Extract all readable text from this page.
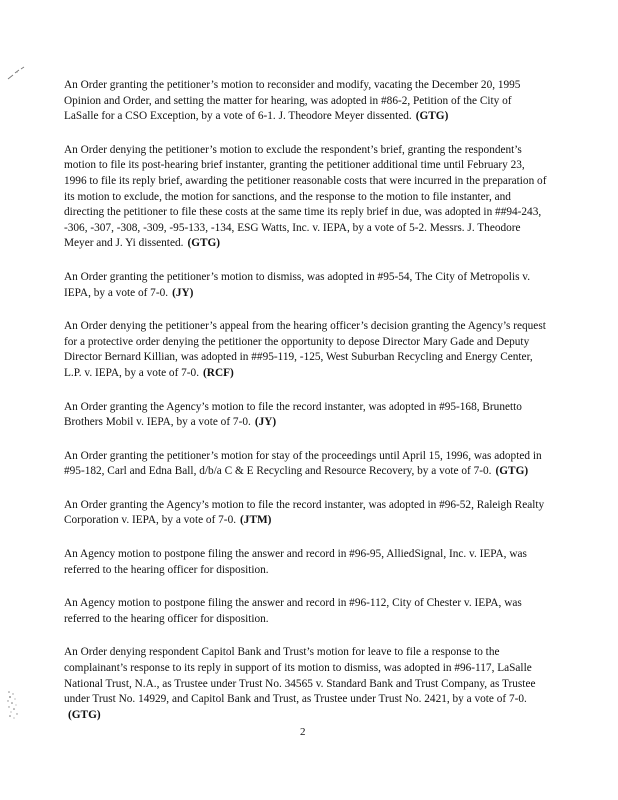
An Order granting the petitioner’s motion to reconsider and modify, vacating the December 20, 1995 Opinion and Order, and setting the matter for hearing, was adopted in #86-2, Petition of the City of LaSalle for a CSO Exception, by a vote of 6-1. J. Theodore Meyer dissented. (GTG)

An Order denying the petitioner’s motion to exclude the respondent’s brief, granting the respondent’s motion to file its post-hearing brief instanter, granting the petitioner additional time until February 23, 1996 to file its reply brief, awarding the petitioner reasonable costs that were incurred in the preparation of its motion to exclude, the motion for sanctions, and the response to the motion to file instanter, and directing the petitioner to file these costs at the same time its reply brief in due, was adopted in ##94-243, -306, -307, -308, -309, -95-133, -134, ESG Watts, Inc. v. IEPA, by a vote of 5-2. Messrs. J. Theodore Meyer and J. Yi dissented. (GTG)

An Order granting the petitioner’s motion to dismiss, was adopted in #95-54, The City of Metropolis v. IEPA, by a vote of 7-0. (JY)

An Order denying the petitioner’s appeal from the hearing officer’s decision granting the Agency’s request for a protective order denying the petitioner the opportunity to depose Director Mary Gade and Deputy Director Bernard Killian, was adopted in ##95-119, -125, West Suburban Recycling and Energy Center, L.P. v. IEPA, by a vote of 7-0. (RCF)

An Order granting the Agency’s motion to file the record instanter, was adopted in #95-168, Brunetto Brothers Mobil v. IEPA, by a vote of 7-0. (JY)

An Order granting the petitioner’s motion for stay of the proceedings until April 15, 1996, was adopted in #95-182, Carl and Edna Ball, d/b/a C & E Recycling and Resource Recovery, by a vote of 7-0. (GTG)

An Order granting the Agency’s motion to file the record instanter, was adopted in #96-52, Raleigh Realty Corporation v. IEPA, by a vote of 7-0. (JTM)

An Agency motion to postpone filing the answer and record in #96-95, AlliedSignal, Inc. v. IEPA, was referred to the hearing officer for disposition.

An Agency motion to postpone filing the answer and record in #96-112, City of Chester v. IEPA, was referred to the hearing officer for disposition.

An Order denying respondent Capitol Bank and Trust’s motion for leave to file a response to the complainant’s response to its reply in support of its motion to dismiss, was adopted in #96-117, LaSalle National Trust, N.A., as Trustee under Trust No. 34565 v. Standard Bank and Trust Company, as Trustee under Trust No. 14929, and Capitol Bank and Trust, as Trustee under Trust No. 2421, by a vote of 7-0.(GTG)

2
